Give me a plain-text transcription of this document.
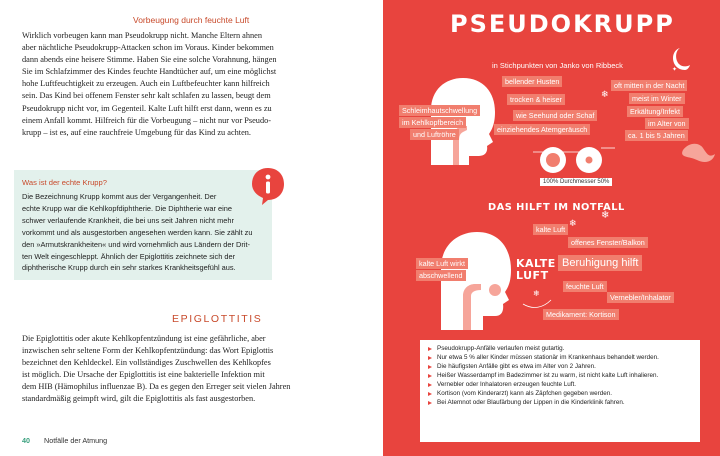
Vorbeugung durch feuchte Luft
Wirklich vorbeugen kann man Pseudokrupp nicht. Manche Eltern ahnen
aber nächtliche Pseudokrupp-Attacken schon im Voraus. Kinder bekommen
dann abends eine heisere Stimme. Haben Sie eine solche Vorahnung, hängen
Sie im Schlafzimmer des Kindes feuchte Handtücher auf, um eine möglichst
hohe Luftfeuchtigkeit zu erzeugen. Auch ein Luftbefeuchter kann hilfreich
sein. Das Kind bei offenem Fenster sehr kalt schlafen zu lassen, beugt dem
Pseudokrupp nicht vor, im Gegenteil. Kalte Luft hilft erst dann, wenn es zu
einem Anfall kommt. Hilfreich für die Vorbeugung – nicht nur vor Pseudo-
krupp – ist es, auf eine rauchfreie Umgebung für das Kind zu achten.
Was ist der echte Krupp?
Die Bezeichnung Krupp kommt aus der Vergangenheit. Der
echte Krupp war die Kehlkopfdiphtherie. Die Diphtherie war eine
schwer verlaufende Krankheit, die bei uns seit Jahren nicht mehr
vorkommt und als ausgestorben angesehen werden kann. Sie zählt zu
den »Armutskrankheiten« und wird vornehmlich aus Ländern der Drit-
ten Welt eingeschleppt. Ähnlich der Epiglottitis zeichnete sich der
diphtherische Krupp durch ein sehr starkes Krankheitsgefühl aus.
EPIGLOTTITIS
Die Epiglottitis oder akute Kehlkopfentzündung ist eine gefährliche, aber
inzwischen sehr seltene Form der Kehlkopfentzündung: das Wort Epiglottis
bezeichnet den Kehldeckel. Ein vollständiges Zuschwellen des Kehlkopfes
ist möglich. Die Ursache der Epiglottitis ist eine bakterielle Infektion mit
dem HIB (Hämophilus influenzae B). Da es gegen den Erreger seit vielen Jahren
standardmäßig geimpft wird, gilt die Epiglottitis als fast ausgestorben.
40 Notfälle der Atmung
❄
✦
❄
❄
❄
PSEUDOKRUPP
in Stichpunkten von Janko von Ribbeck
bellender Husten
trocken & heiser
Schleimhautschwellung
im Kehlkopfbereich
und Luftröhre
wie Seehund oder Schaf
einziehendes Atemgeräusch
oft mitten in der Nacht
meist im Winter
Erkältung/Infekt
im Alter von
ca. 1 bis 5 Jahren
100% Durchmesser 50%
DAS HILFT IM NOTFALL
kalte Luft
offenes Fenster/Balkon
kalte Luft wirkt
abschwellend
Beruhigung hilft
feuchte Luft
Vernebler/Inhalator
Medikament: Kortison
KALTE
LUFT
Pseudokrupp-Anfälle verlaufen meist gutartig.
Nur etwa 5 % aller Kinder müssen stationär im Krankenhaus behandelt werden.
Die häufigsten Anfälle gibt es etwa im Alter von 2 Jahren.
Heißer Wasserdampf im Badezimmer ist zu warm, ist nicht kalte Luft inhalieren.
Vernebler oder Inhalatoren erzeugen feuchte Luft.
Kortison (vom Kinderarzt) kann als Zäpfchen gegeben werden.
Bei Atemnot oder Blaufärbung der Lippen in die Kinderklinik fahren.
